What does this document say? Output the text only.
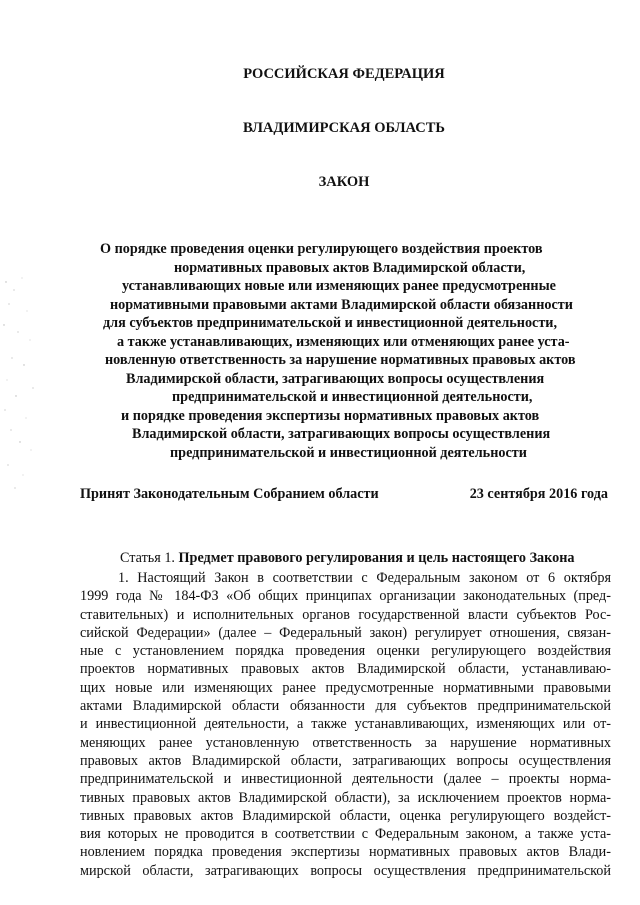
РОССИЙСКАЯ ФЕДЕРАЦИЯ
ВЛАДИМИРСКАЯ ОБЛАСТЬ
ЗАКОН
О порядке проведения оценки регулирующего воздействия проектов
нормативных правовых актов Владимирской области,
устанавливающих новые или изменяющих ранее предусмотренные
нормативными правовыми актами Владимирской области обязанности
для субъектов предпринимательской и инвестиционной деятельности,
а также устанавливающих, изменяющих или отменяющих ранее уста-
новленную ответственность за нарушение нормативных правовых актов
Владимирской области, затрагивающих вопросы осуществления
предпринимательской и инвестиционной деятельности,
и порядке проведения экспертизы нормативных правовых актов
Владимирской области, затрагивающих вопросы осуществления
предпринимательской и инвестиционной деятельности
Принят Законодательным Собранием области	23 сентября 2016 года
Статья 1. Предмет правового регулирования и цель настоящего Закона
1. Настоящий Закон в соответствии с Федеральным законом от 6 октября
1999 года № 184-ФЗ «Об общих принципах организации законодательных (пред-
ставительных) и исполнительных органов государственной власти субъектов Рос-
сийской Федерации» (далее – Федеральный закон) регулирует отношения, связан-
ные с установлением порядка проведения оценки регулирующего воздействия
проектов нормативных правовых актов Владимирской области, устанавливаю-
щих новые или изменяющих ранее предусмотренные нормативными правовыми
актами Владимирской области обязанности для субъектов предпринимательской
и инвестиционной деятельности, а также устанавливающих, изменяющих или от-
меняющих ранее установленную ответственность за нарушение нормативных
правовых актов Владимирской области, затрагивающих вопросы осуществления
предпринимательской и инвестиционной деятельности (далее – проекты норма-
тивных правовых актов Владимирской области), за исключением проектов норма-
тивных правовых актов Владимирской области, оценка регулирующего воздейст-
вия которых не проводится в соответствии с Федеральным законом, а также уста-
новлением порядка проведения экспертизы нормативных правовых актов Влади-
мирской области, затрагивающих вопросы осуществления предпринимательской
